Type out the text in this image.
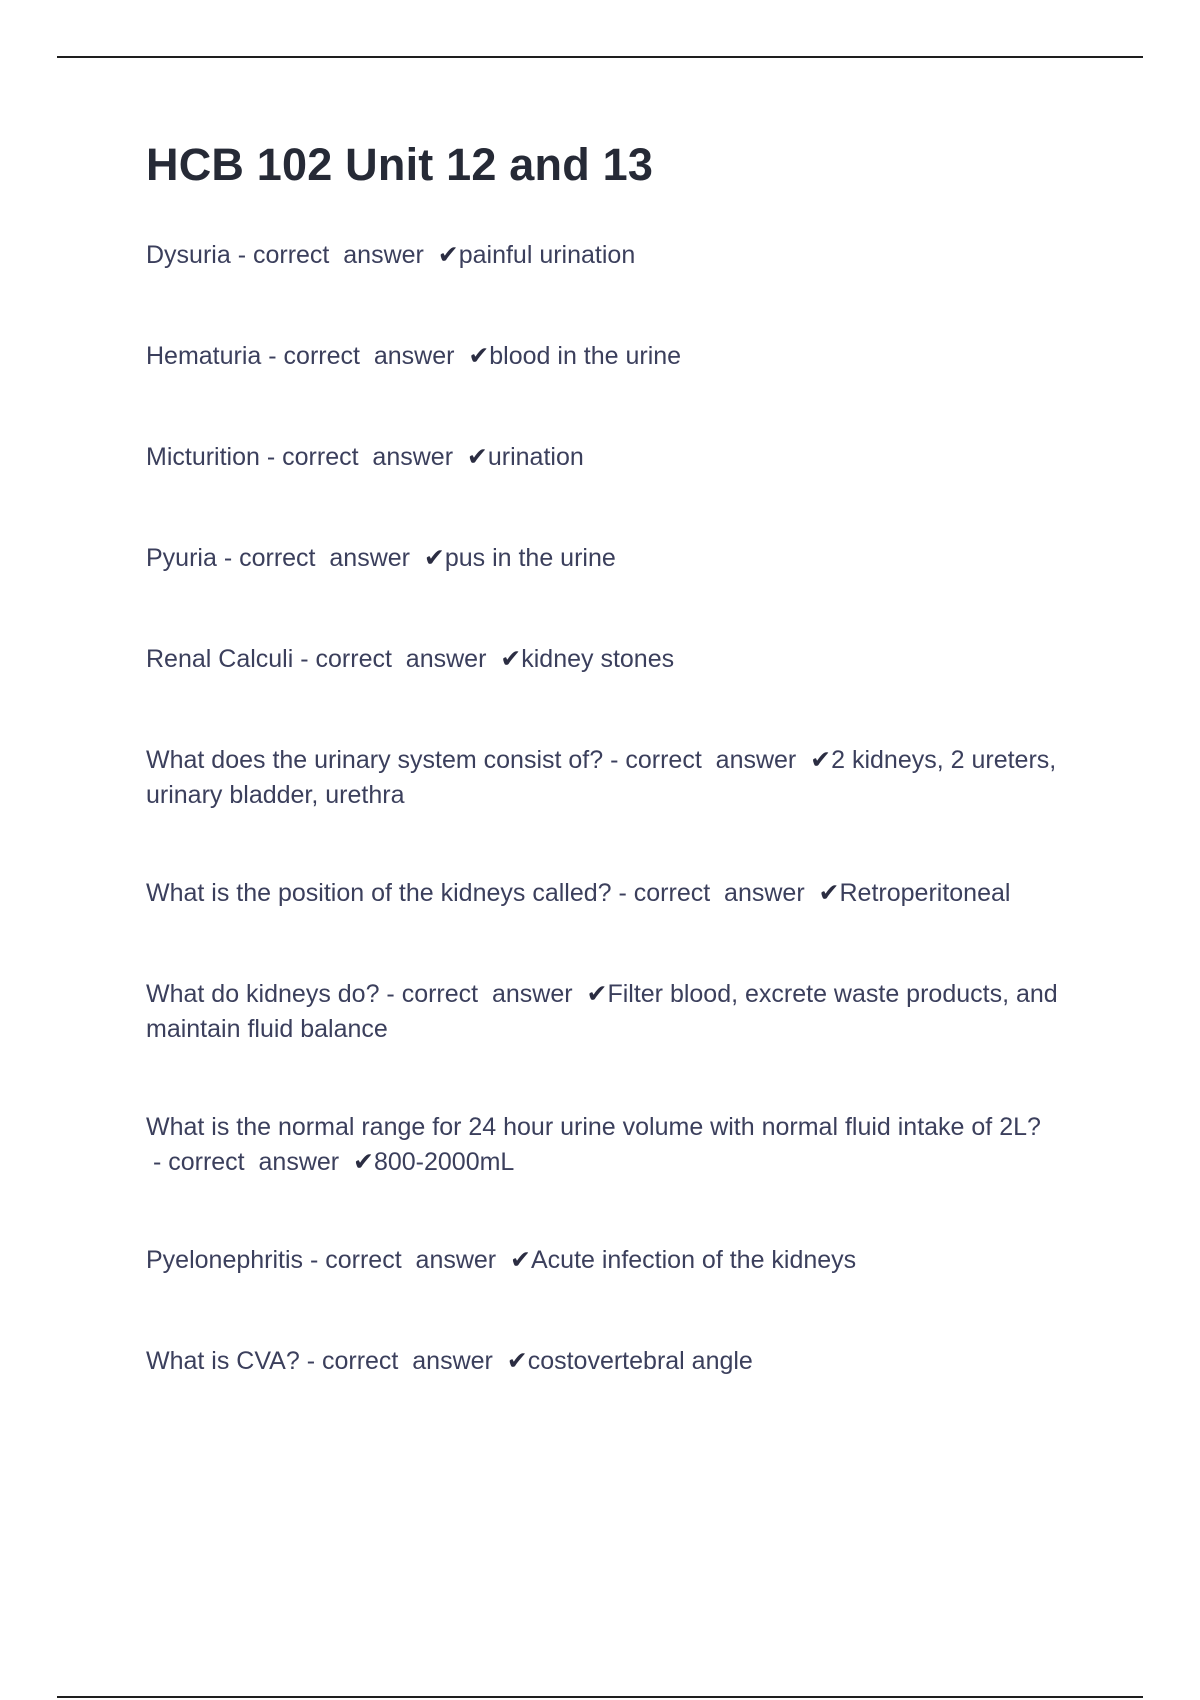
HCB 102 Unit 12 and 13
Dysuria - correct  answer  ✔painful urination
Hematuria - correct  answer  ✔blood in the urine
Micturition - correct  answer  ✔urination
Pyuria - correct  answer  ✔pus in the urine
Renal Calculi - correct  answer  ✔kidney stones
What does the urinary system consist of? - correct  answer  ✔2 kidneys, 2 ureters, urinary bladder, urethra
What is the position of the kidneys called? - correct  answer  ✔Retroperitoneal
What do kidneys do? - correct  answer  ✔Filter blood, excrete waste products, and maintain fluid balance
What is the normal range for 24 hour urine volume with normal fluid intake of 2L? - correct  answer  ✔800-2000mL
Pyelonephritis - correct  answer  ✔Acute infection of the kidneys
What is CVA? - correct  answer  ✔costovertebral angle
